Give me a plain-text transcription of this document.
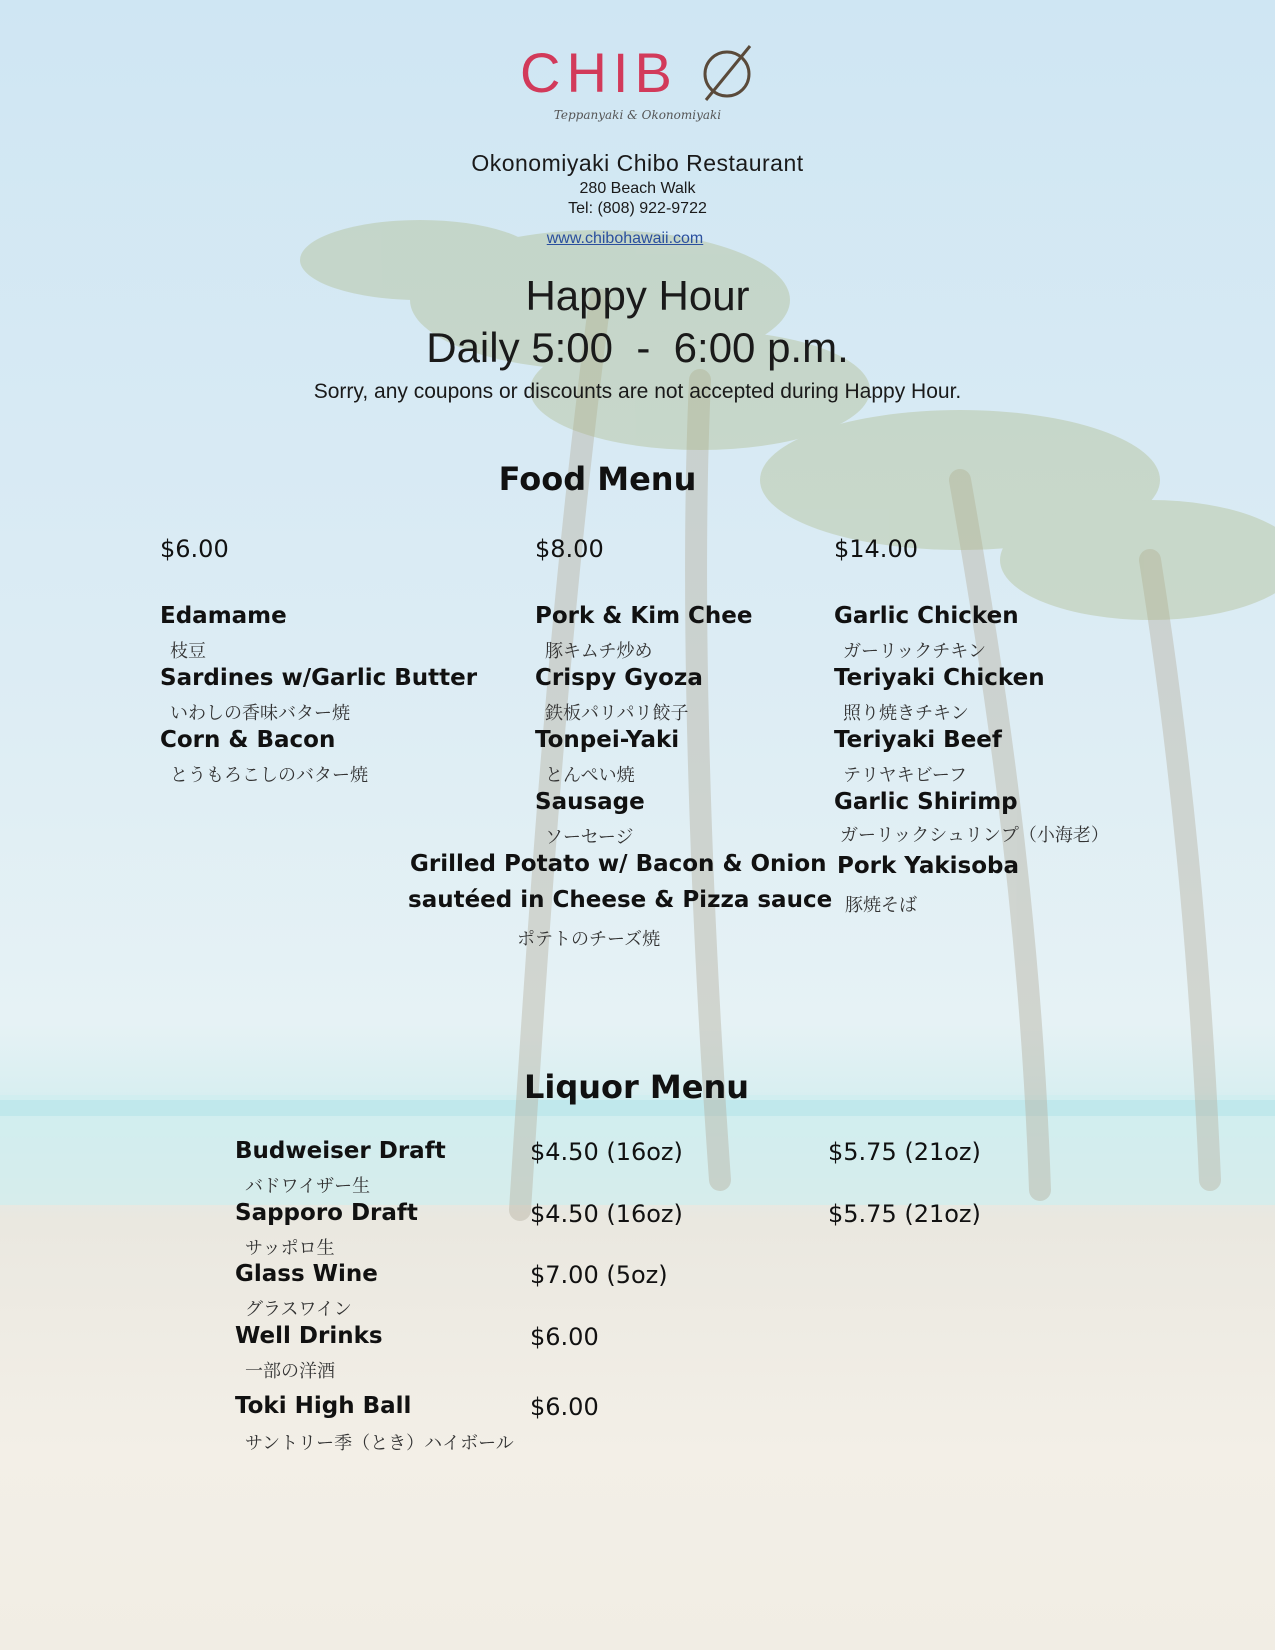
CHIB
Teppanyaki & Okonomiyaki
Okonomiyaki Chibo Restaurant
280 Beach Walk
Tel: (808) 922-9722
www.chibohawaii.com
Happy Hour
Daily 5:00  -  6:00 p.m.
Sorry, any coupons or discounts are not accepted during Happy Hour.
Food Menu
$6.00
Edamame
枝豆
Sardines w/Garlic Butter
いわしの香味バター焼
Corn & Bacon
とうもろこしのバター焼
$8.00
Pork & Kim Chee
豚キムチ炒め
Crispy Gyoza
鉄板パリパリ餃子
Tonpei-Yaki
とんぺい焼
Sausage
ソーセージ
Grilled Potato w/ Bacon & Onion
sautéed in Cheese & Pizza sauce
ポテトのチーズ焼
$14.00
Garlic Chicken
ガーリックチキン
Teriyaki Chicken
照り焼きチキン
Teriyaki Beef
テリヤキビーフ
Garlic Shirimp
ガーリックシュリンプ（小海老）
Pork Yakisoba
豚焼そば
Liquor Menu
Budweiser Draft
バドワイザー生
$4.50 (16oz)	$5.75 (21oz)
Sapporo Draft
サッポロ生
$4.50 (16oz)	$5.75 (21oz)
Glass Wine
グラスワイン
$7.00 (5oz)
Well Drinks
一部の洋酒
$6.00
Toki High Ball
サントリー季（とき）ハイボール
$6.00
